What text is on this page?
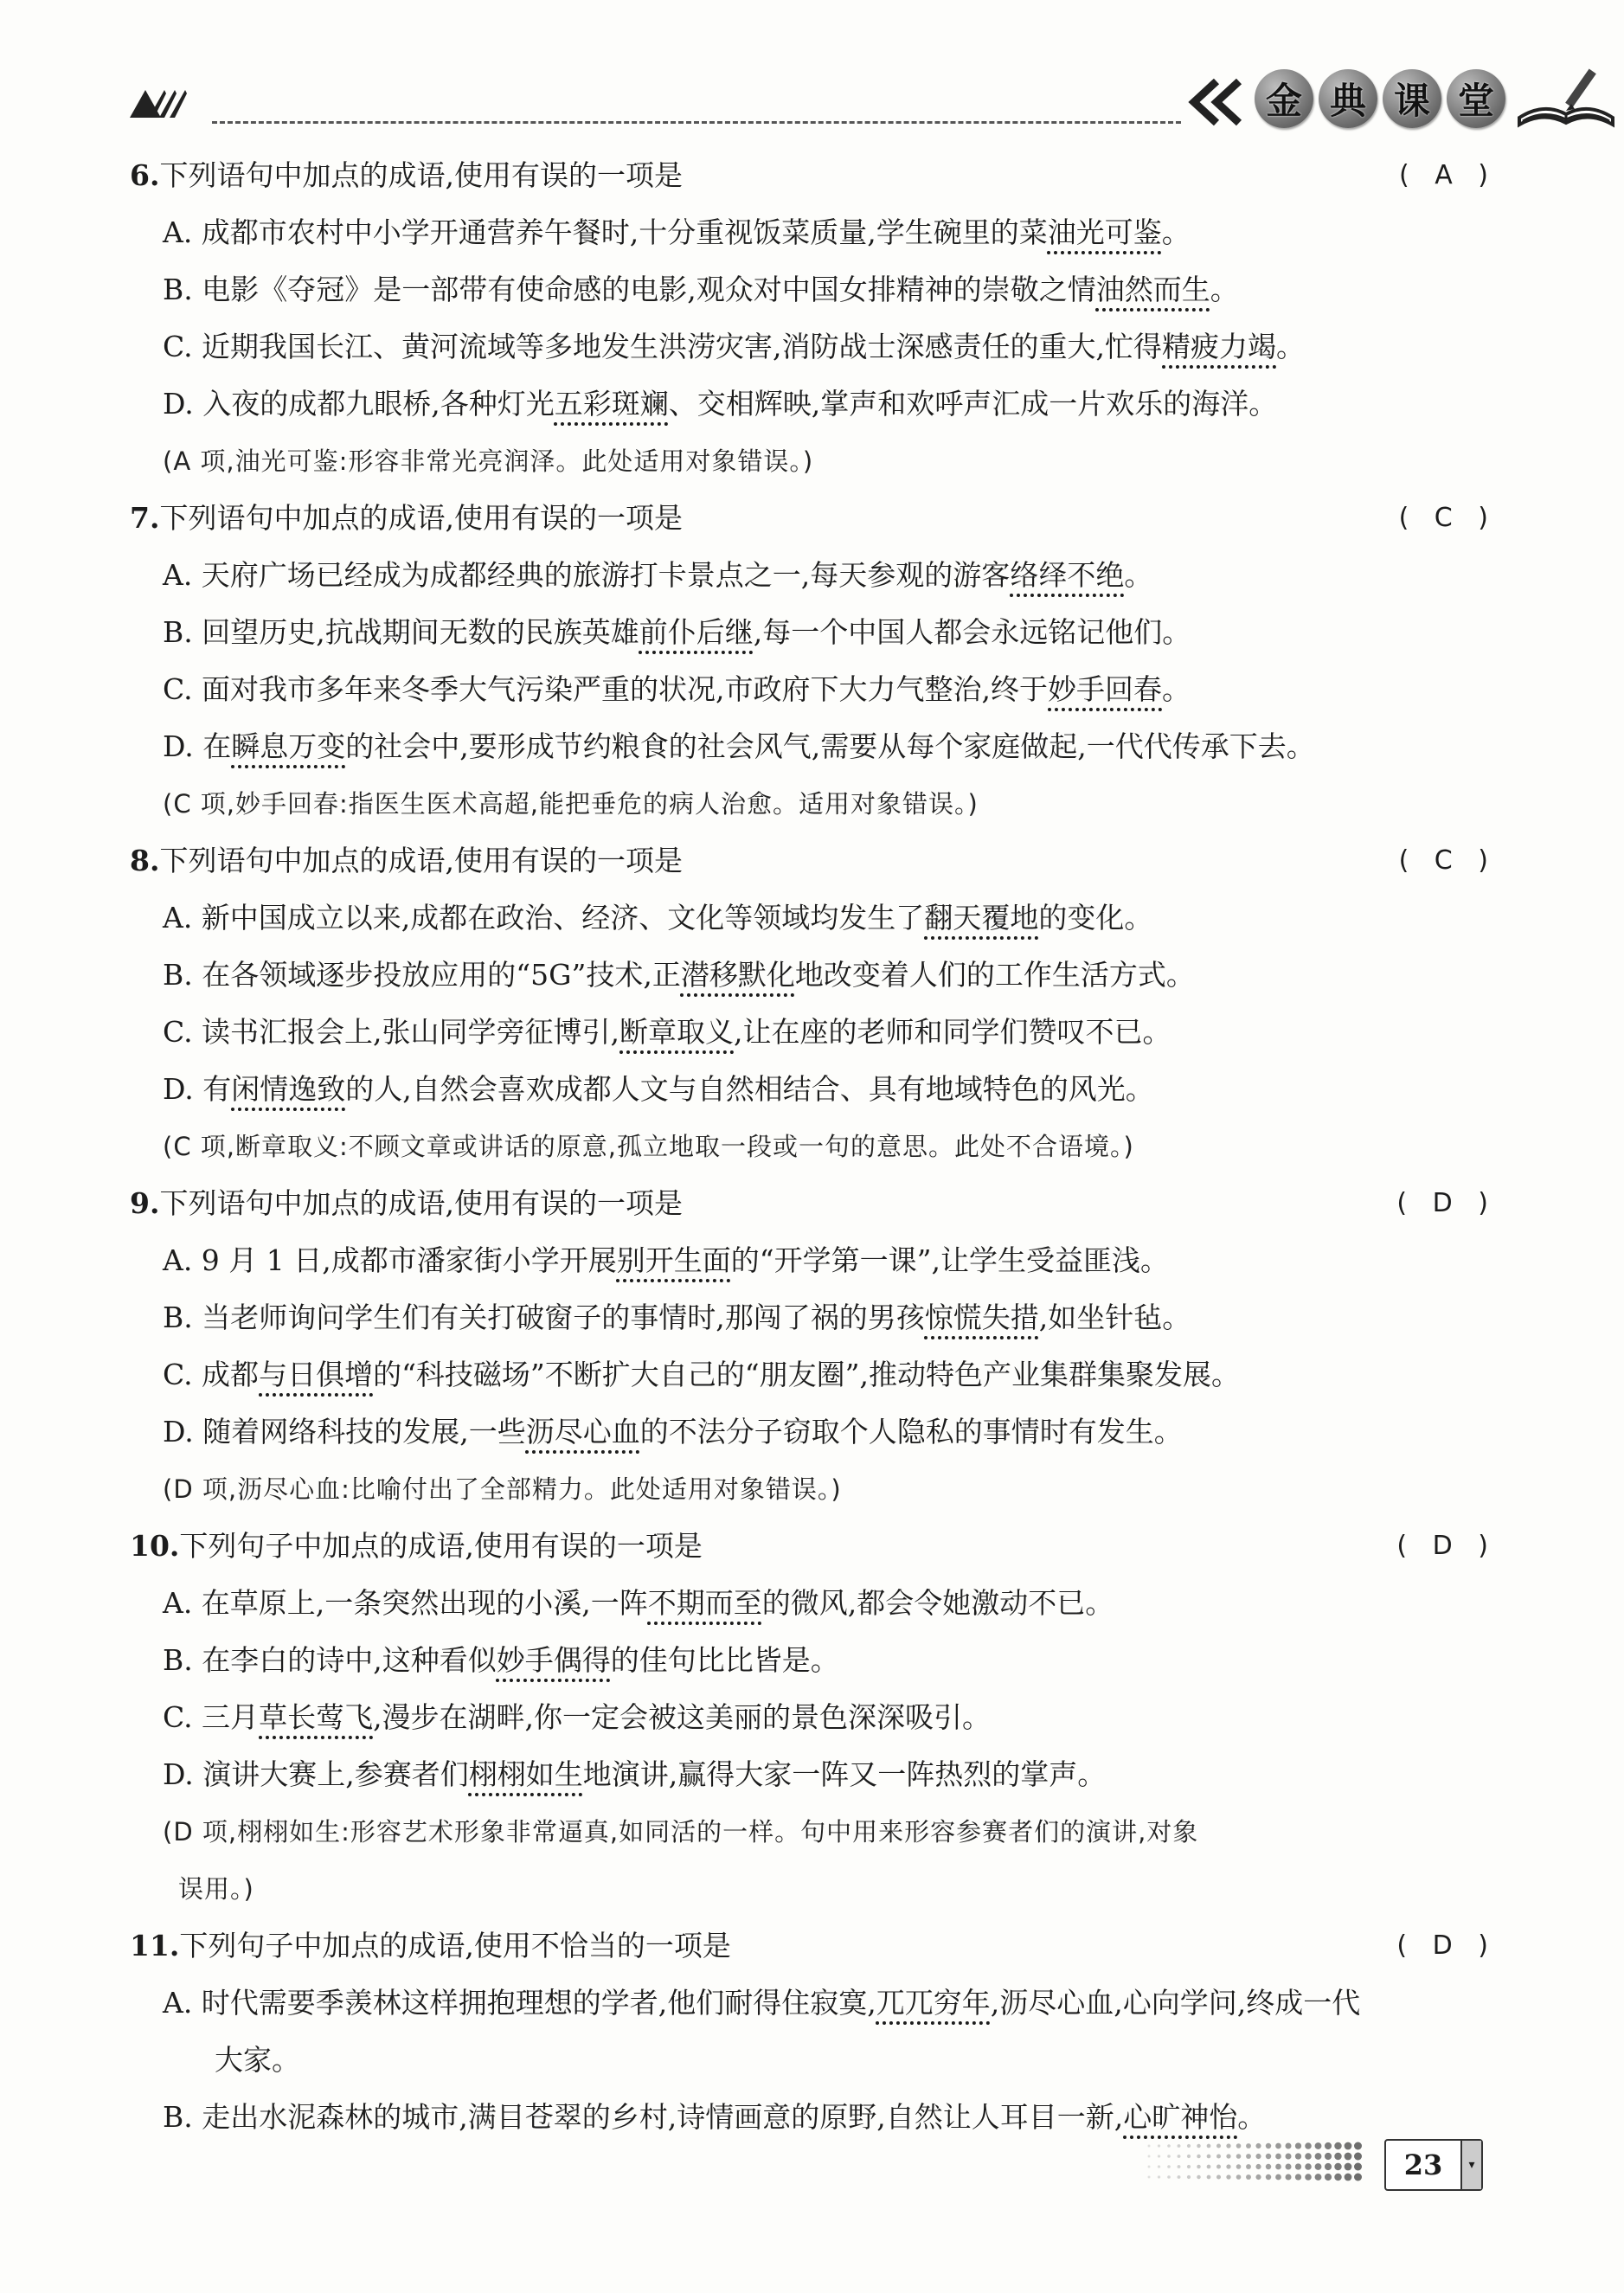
金 典 课 堂
6.下列语句中加点的成语,使用有误的一项是	( A )
A. 成都市农村中小学开通营养午餐时,十分重视饭菜质量,学生碗里的菜油光可鉴。
B. 电影《夺冠》是一部带有使命感的电影,观众对中国女排精神的崇敬之情油然而生。
C. 近期我国长江、黄河流域等多地发生洪涝灾害,消防战士深感责任的重大,忙得精疲力竭。
D. 入夜的成都九眼桥,各种灯光五彩斑斓、交相辉映,掌声和欢呼声汇成一片欢乐的海洋。
(A 项,油光可鉴:形容非常光亮润泽。此处适用对象错误。)
7.下列语句中加点的成语,使用有误的一项是	( C )
A. 天府广场已经成为成都经典的旅游打卡景点之一,每天参观的游客络绎不绝。
B. 回望历史,抗战期间无数的民族英雄前仆后继,每一个中国人都会永远铭记他们。
C. 面对我市多年来冬季大气污染严重的状况,市政府下大力气整治,终于妙手回春。
D. 在瞬息万变的社会中,要形成节约粮食的社会风气,需要从每个家庭做起,一代代传承下去。
(C 项,妙手回春:指医生医术高超,能把垂危的病人治愈。适用对象错误。)
8.下列语句中加点的成语,使用有误的一项是	( C )
A. 新中国成立以来,成都在政治、经济、文化等领域均发生了翻天覆地的变化。
B. 在各领域逐步投放应用的“5G”技术,正潜移默化地改变着人们的工作生活方式。
C. 读书汇报会上,张山同学旁征博引,断章取义,让在座的老师和同学们赞叹不已。
D. 有闲情逸致的人,自然会喜欢成都人文与自然相结合、具有地域特色的风光。
(C 项,断章取义:不顾文章或讲话的原意,孤立地取一段或一句的意思。此处不合语境。)
9.下列语句中加点的成语,使用有误的一项是	( D )
A. 9 月 1 日,成都市潘家街小学开展别开生面的“开学第一课”,让学生受益匪浅。
B. 当老师询问学生们有关打破窗子的事情时,那闯了祸的男孩惊慌失措,如坐针毡。
C. 成都与日俱增的“科技磁场”不断扩大自己的“朋友圈”,推动特色产业集群集聚发展。
D. 随着网络科技的发展,一些沥尽心血的不法分子窃取个人隐私的事情时有发生。
(D 项,沥尽心血:比喻付出了全部精力。此处适用对象错误。)
10.下列句子中加点的成语,使用有误的一项是	( D )
A. 在草原上,一条突然出现的小溪,一阵不期而至的微风,都会令她激动不已。
B. 在李白的诗中,这种看似妙手偶得的佳句比比皆是。
C. 三月草长莺飞,漫步在湖畔,你一定会被这美丽的景色深深吸引。
D. 演讲大赛上,参赛者们栩栩如生地演讲,赢得大家一阵又一阵热烈的掌声。
(D 项,栩栩如生:形容艺术形象非常逼真,如同活的一样。句中用来形容参赛者们的演讲,对象
误用。)
11.下列句子中加点的成语,使用不恰当的一项是	( D )
A. 时代需要季羡林这样拥抱理想的学者,他们耐得住寂寞,兀兀穷年,沥尽心血,心向学问,终成一代
大家。
B. 走出水泥森林的城市,满目苍翠的乡村,诗情画意的原野,自然让人耳目一新,心旷神怡。
23	▾
